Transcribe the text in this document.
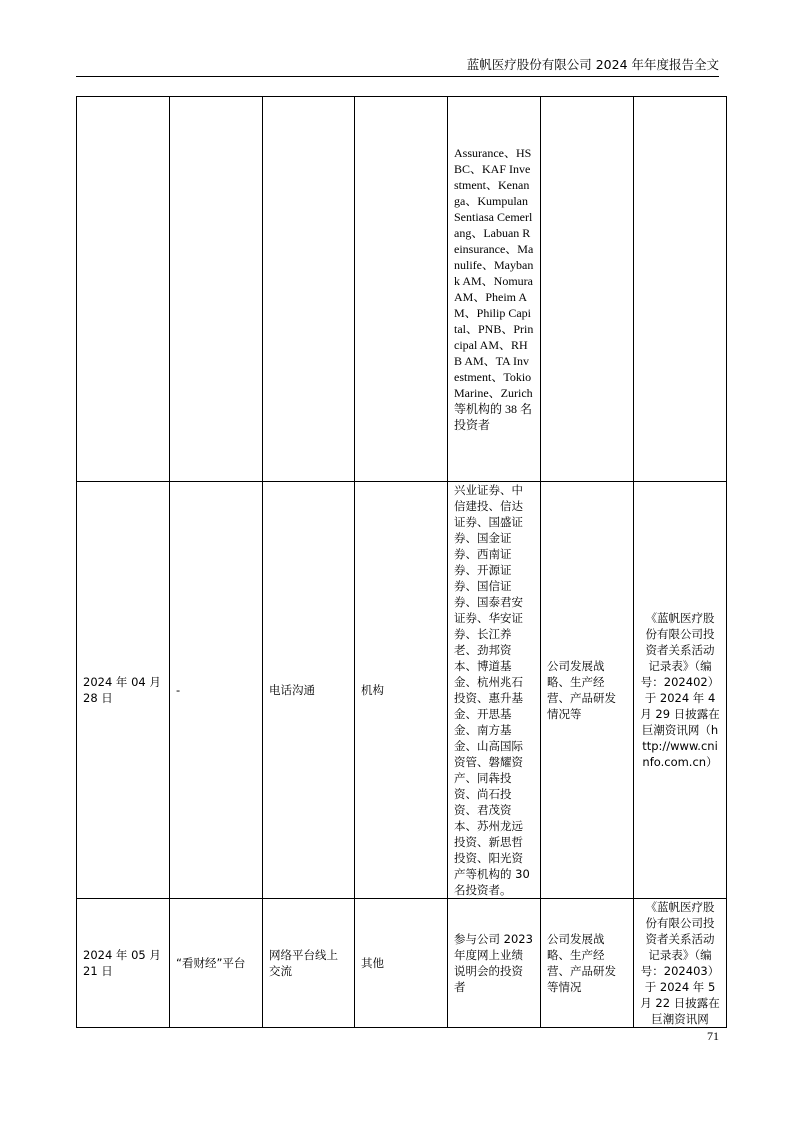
蓝帆医疗股份有限公司 2024 年年度报告全文
				Assurance、HSBC、KAF Investment、Kenanga、Kumpulan Sentiasa Cemerlang、Labuan Reinsurance、Manulife、Maybank AM、Nomura AM、Pheim AM、Philip Capital、PNB、Principal AM、RHB AM、TA Investment、Tokio Marine、Zurich 等机构的 38 名投资者		
2024 年 04 月 28 日	-	电话沟通	机构	兴业证券、中信建投、信达证券、国盛证券、国金证券、西南证券、开源证券、国信证券、国泰君安证券、华安证券、长江养老、劲邦资本、博道基金、杭州兆石投资、惠升基金、开思基金、南方基金、山高国际资管、磐耀资产、同犇投资、尚石投资、君茂资本、苏州龙远投资、新思哲投资、阳光资产等机构的 30 名投资者。	公司发展战略、生产经营、产品研发情况等	《蓝帆医疗股份有限公司投资者关系活动记录表》（编号：202402）于 2024 年 4 月 29 日披露在巨潮资讯网（http://www.cninfo.com.cn）
2024 年 05 月 21 日	“看财经”平台	网络平台线上交流	其他	参与公司 2023 年度网上业绩说明会的投资者	公司发展战略、生产经营、产品研发等情况	《蓝帆医疗股份有限公司投资者关系活动记录表》（编号：202403）于 2024 年 5 月 22 日披露在巨潮资讯网
71
